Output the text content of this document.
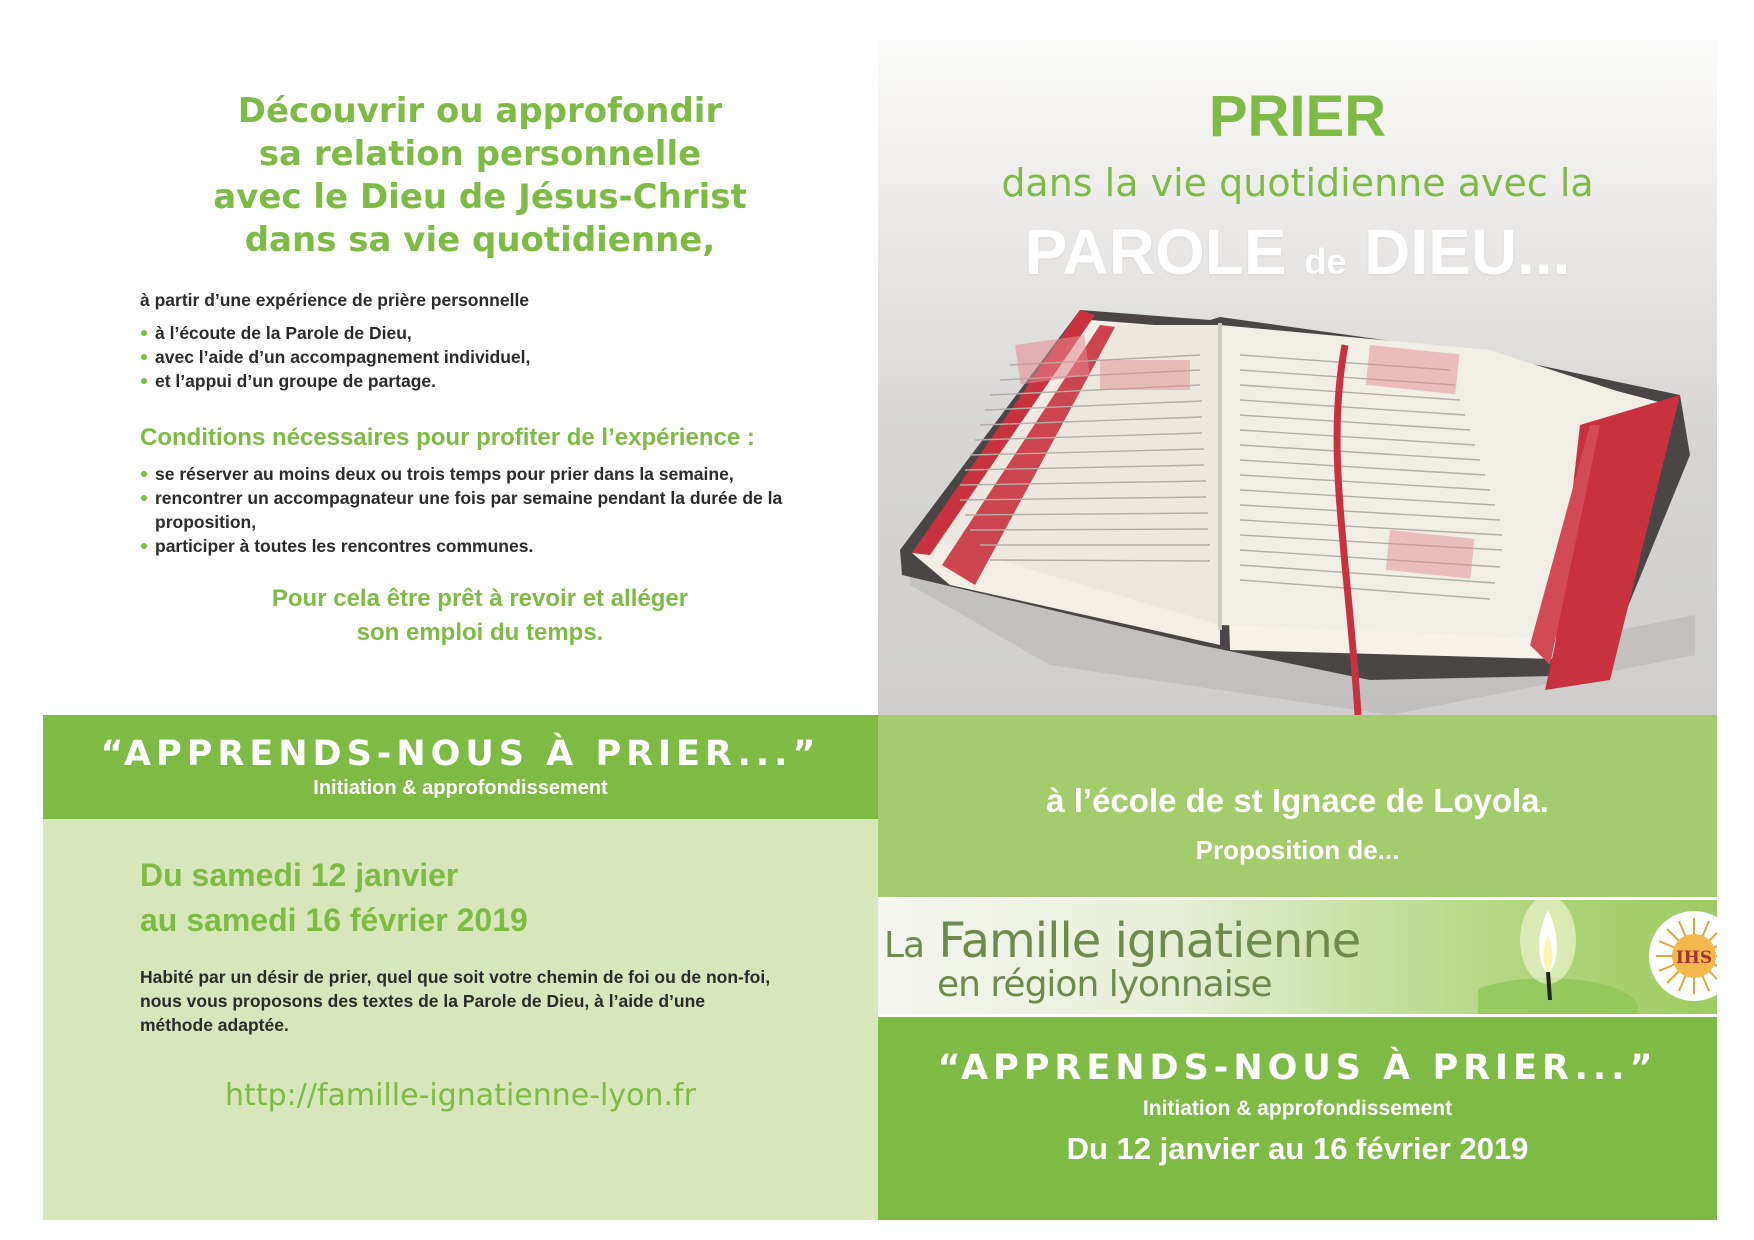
Découvrir ou approfondir
sa relation personnelle
avec le Dieu de Jésus-Christ
dans sa vie quotidienne,
à partir d’une expérience de prière personnelle
à l’écoute de la Parole de Dieu,
avec l’aide d’un accompagnement individuel,
et l’appui d’un groupe de partage.
Conditions nécessaires pour profiter de l’expérience :
se réserver au moins deux ou trois temps pour prier dans la semaine,
rencontrer un accompagnateur une fois par semaine pendant la durée de la proposition,
participer à toutes les rencontres communes.
Pour cela être prêt à revoir et alléger
son emploi du temps.
“APPRENDS-NOUS À PRIER...”
Initiation & approfondissement
Du samedi 12 janvier
au samedi 16 février 2019
Habité par un désir de prier, quel que soit votre chemin de foi ou de non-foi, nous vous proposons des textes de la Parole de Dieu, à l’aide d’une méthode adaptée.
http://famille-ignatienne-lyon.fr
PRIER
dans la vie quotidienne avec la
PAROLE de DIEU...
à l’école de st Ignace de Loyola.
Proposition de...
IHS
La Famille ignatienne
en région lyonnaise
“APPRENDS-NOUS À PRIER...”
Initiation & approfondissement
Du 12 janvier au 16 février 2019
